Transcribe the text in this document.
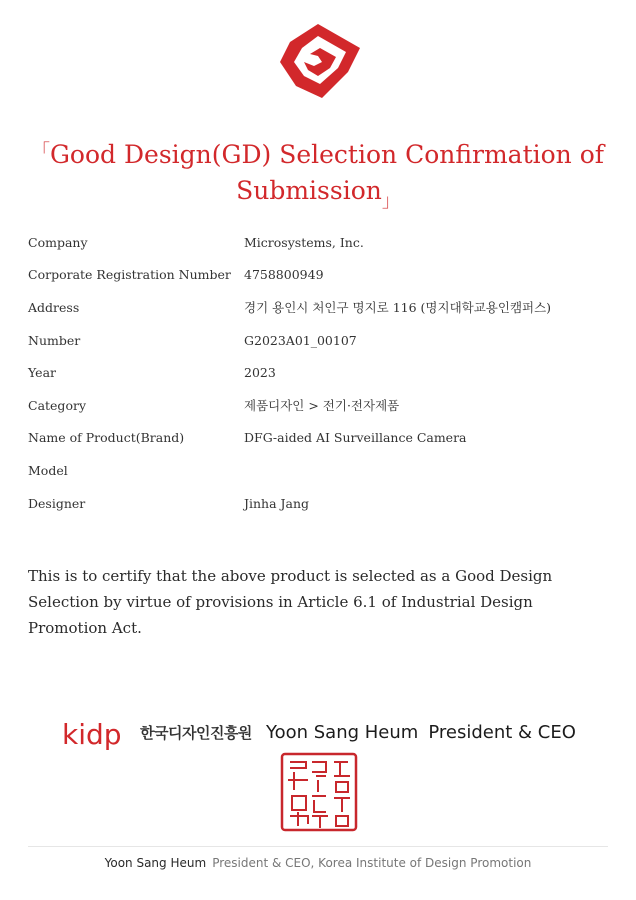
「Good Design(GD) Selection Confirmation of Submission」
Company	Microsystems, Inc.
Corporate Registration Number	4758800949
Address	경기 용인시 처인구 명지로 116 (명지대학교용인캠퍼스)
Number	G2023A01_00107
Year	2023
Category	제품디자인 > 전기·전자제품
Name of Product(Brand)	DFG-aided AI Surveillance Camera
Model
Designer	Jinha Jang

This is to certify that the above product is selected as a Good Design Selection by virtue of provisions in Article 6.1 of Industrial Design Promotion Act.

kidp 한국디자인진흥원 Yoon Sang Heum President & CEO
Yoon Sang Heum President & CEO, Korea Institute of Design Promotion
